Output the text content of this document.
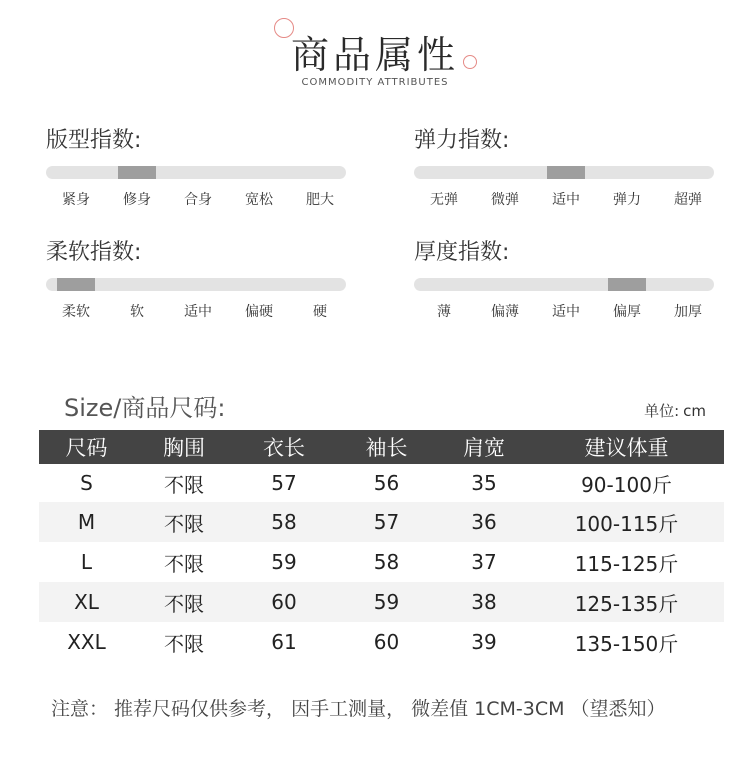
商品属性
COMMODITY ATTRIBUTES
版型指数:
紧身	修身	合身	宽松	肥大
弹力指数:
无弹	微弹	适中	弹力	超弹
柔软指数:
柔软	软	适中	偏硬	硬
厚度指数:
薄	偏薄	适中	偏厚	加厚
Size/商品尺码:	单位: cm
尺码	胸围	衣长	袖长	肩宽	建议体重
S	不限	57	56	35	90-100斤
M	不限	58	57	36	100-115斤
L	不限	59	58	37	115-125斤
XL	不限	60	59	38	125-135斤
XXL	不限	61	60	39	135-150斤
注意： 推荐尺码仅供参考， 因手工测量， 微差值 1CM-3CM （望悉知）
